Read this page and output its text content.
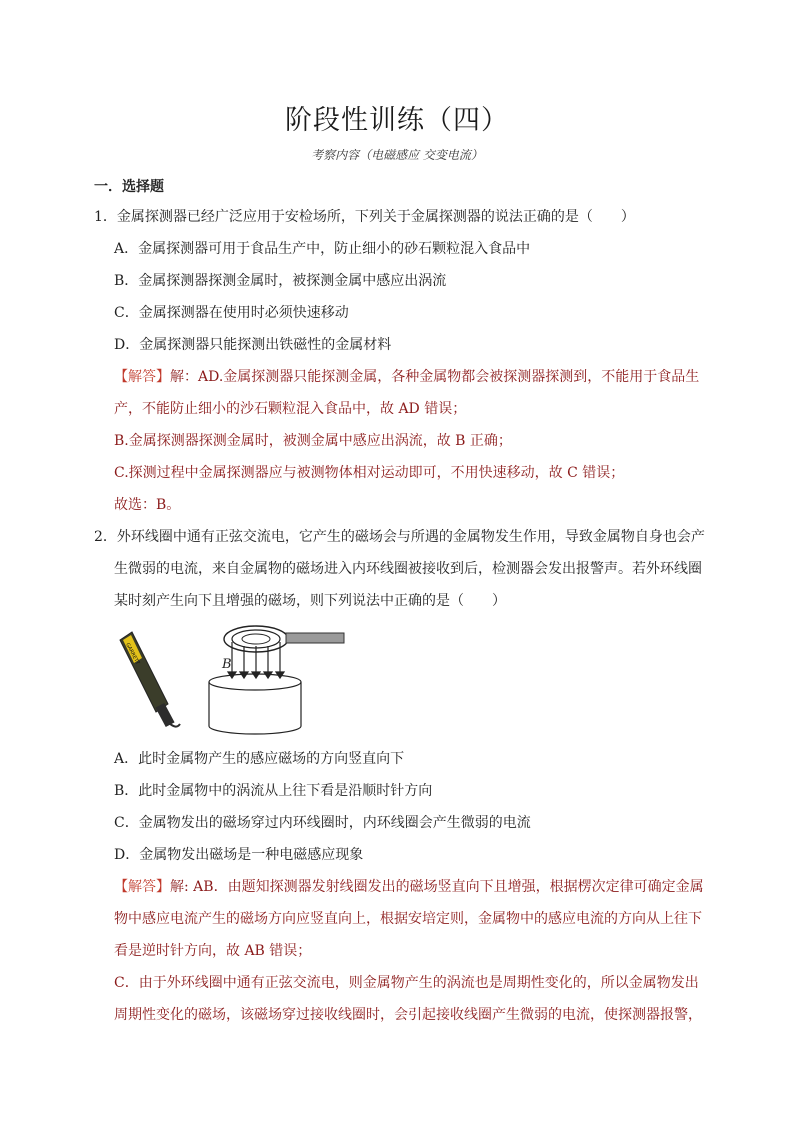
阶段性训练（四）
考察内容（电磁感应 交变电流）
一．选择题
1．金属探测器已经广泛应用于安检场所，下列关于金属探测器的说法正确的是（　　）
A．金属探测器可用于食品生产中，防止细小的砂石颗粒混入食品中
B．金属探测器探测金属时，被探测金属中感应出涡流
C．金属探测器在使用时必须快速移动
D．金属探测器只能探测出铁磁性的金属材料
【解答】解：AD.金属探测器只能探测金属，各种金属物都会被探测器探测到，不能用于食品生
产，不能防止细小的沙石颗粒混入食品中，故 AD 错误；
B.金属探测器探测金属时，被测金属中感应出涡流，故 B 正确；
C.探测过程中金属探测器应与被测物体相对运动即可，不用快速移动，故 C 错误；
故选：B。
2．外环线圈中通有正弦交流电，它产生的磁场会与所遇的金属物发生作用，导致金属物自身也会产
生微弱的电流，来自金属物的磁场进入内环线圈被接收到后，检测器会发出报警声。若外环线圈
某时刻产生向下且增强的磁场，则下列说法中正确的是（　　）
GARRETT	B
A．此时金属物产生的感应磁场的方向竖直向下
B．此时金属物中的涡流从上往下看是沿顺时针方向
C．金属物发出的磁场穿过内环线圈时，内环线圈会产生微弱的电流
D．金属物发出磁场是一种电磁感应现象
【解答】解: AB．由题知探测器发射线圈发出的磁场竖直向下且增强，根据楞次定律可确定金属
物中感应电流产生的磁场方向应竖直向上，根据安培定则，金属物中的感应电流的方向从上往下
看是逆时针方向，故 AB 错误；
C．由于外环线圈中通有正弦交流电，则金属物产生的涡流也是周期性变化的，所以金属物发出
周期性变化的磁场，该磁场穿过接收线圈时，会引起接收线圈产生微弱的电流，使探测器报警，
